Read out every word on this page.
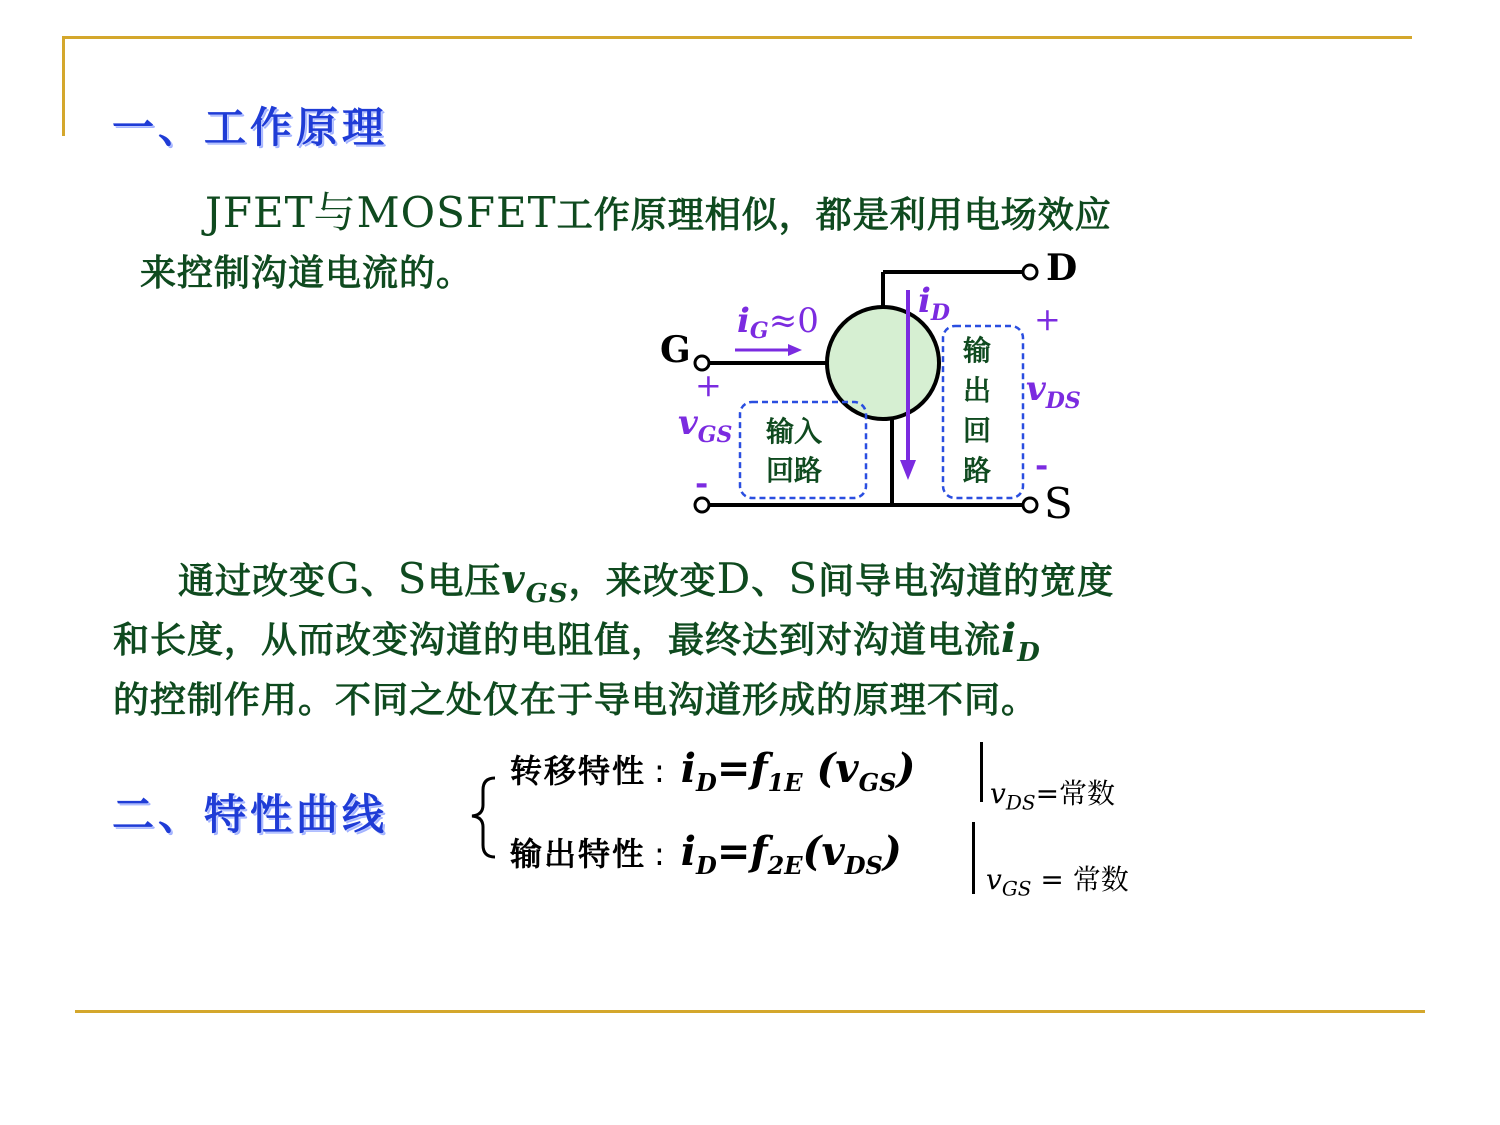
一、工作原理

JFET与MOSFET工作原理相似，都是利用电场效应

来控制沟道电流的。	D
G
S
iG≈0	$i_D$
+
-
+
-
$v_{GS}$
$v_{DS}$
输入
回路
输
出
回
路

通过改变G、S电压$v_{GS}$，来改变D、S间导电沟道的宽度

和长度，从而改变沟道的电阻值，最终达到对沟道电流$i_D$

的控制作用。不同之处仅在于导电沟道形成的原理不同。

二、特性曲线
转移特性 : $i_D=f_{1E}$ $(v_{GS})$
$v_{DS}=$常数
输出特性 : $i_D=f_{2E}(v_{DS})$
$v_{GS}$ = 常数
